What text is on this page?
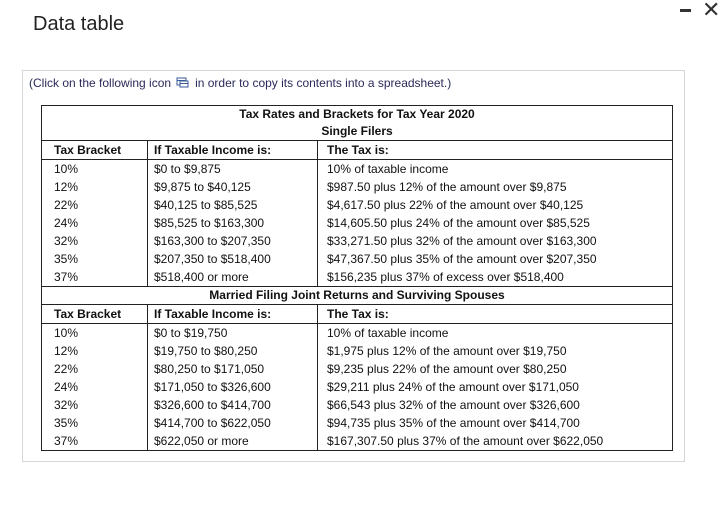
Data table
✕
(Click on the following icon in order to copy its contents into a spreadsheet.)
Tax Rates and Brackets for Tax Year 2020		
Single Filers		
Tax Bracket	If Taxable Income is:	The Tax is:
10%	$0 to $9,875	10% of taxable income
12%	$9,875 to $40,125	$987.50 plus 12% of the amount over $9,875
22%	$40,125 to $85,525	$4,617.50 plus 22% of the amount over $40,125
24%	$85,525 to $163,300	$14,605.50 plus 24% of the amount over $85,525
32%	$163,300 to $207,350	$33,271.50 plus 32% of the amount over $163,300
35%	$207,350 to $518,400	$47,367.50 plus 35% of the amount over $207,350
37%	$518,400 or more	$156,235 plus 37% of excess over $518,400
Married Filing Joint Returns and Surviving Spouses		
Tax Bracket	If Taxable Income is:	The Tax is:
10%	$0 to $19,750	10% of taxable income
12%	$19,750 to $80,250	$1,975 plus 12% of the amount over $19,750
22%	$80,250 to $171,050	$9,235 plus 22% of the amount over $80,250
24%	$171,050 to $326,600	$29,211 plus 24% of the amount over $171,050
32%	$326,600 to $414,700	$66,543 plus 32% of the amount over $326,600
35%	$414,700 to $622,050	$94,735 plus 35% of the amount over $414,700
37%	$622,050 or more	$167,307.50 plus 37% of the amount over $622,050
